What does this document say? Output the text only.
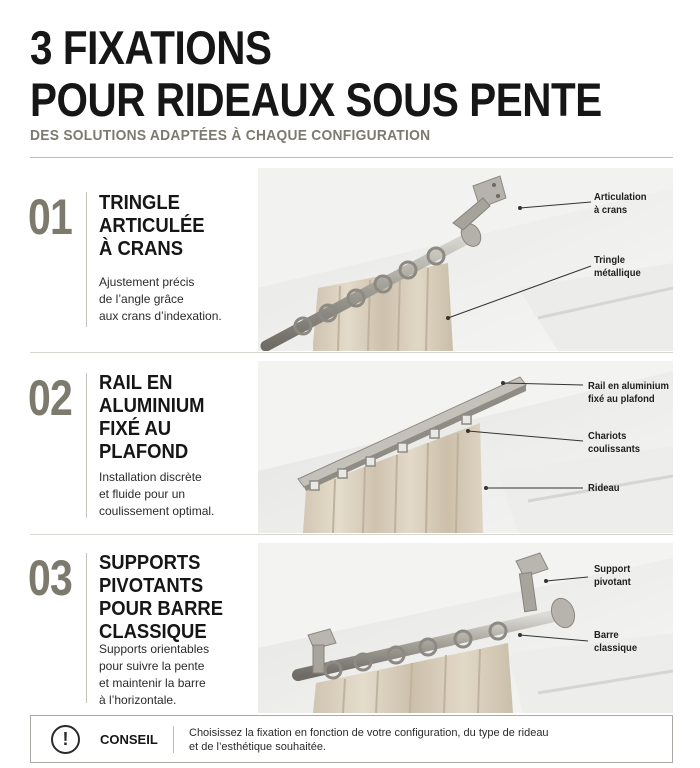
3 FIXATIONS
POUR RIDEAUX SOUS PENTE
DES SOLUTIONS ADAPTÉES À CHAQUE CONFIGURATION
01 TRINGLE
ARTICULÉE
À CRANS
Ajustement précis
de l’angle grâce
aux crans d’indexation.
Articulation
à crans
Tringle
métallique
02 RAIL EN
ALUMINIUM
FIXÉ AU
PLAFOND
Installation discrète
et fluide pour un
coulissement optimal.
Rail en aluminium
fixé au plafond
Chariots
coulissants
Rideau
03 SUPPORTS
PIVOTANTS
POUR BARRE
CLASSIQUE
Supports orientables
pour suivre la pente
et maintenir la barre
à l’horizontale.
Support
pivotant
Barre
classique
!	CONSEIL	Choisissez la fixation en fonction de votre configuration, du type de rideau
et de l’esthétique souhaitée.
